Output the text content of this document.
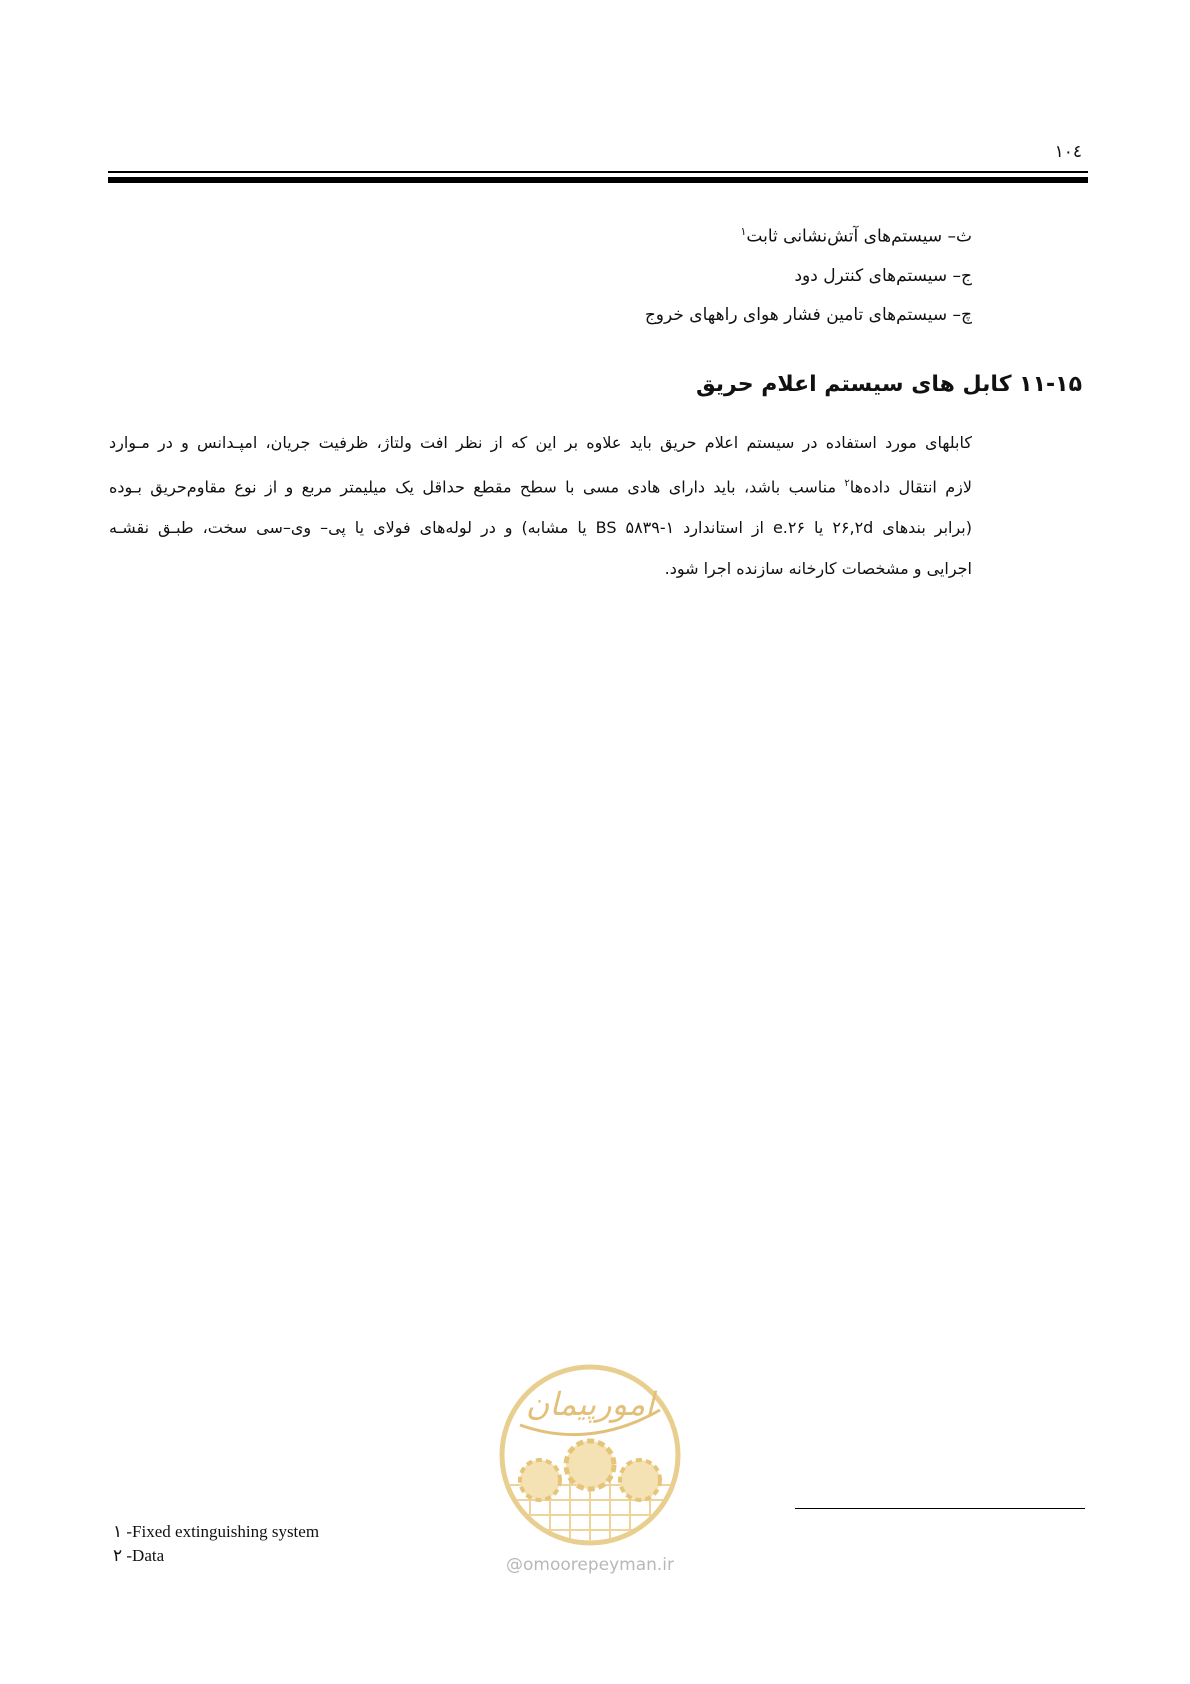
۱۰٤
ث– سیستم‌های آتش‌نشانی ثابت$^۱$
ج– سیستم‌های کنترل دود
چ– سیستم‌های تامین فشار هوای راههای خروج
۱۱-۱۵ کابل های سیستم اعلام حریق
کابلهای مورد استفاده در سیستم اعلام حریق باید علاوه بر این که از نظر افت ولتاژ، ظرفیت جریان، امپـدانس و در مـوارد
لازم انتقال داده‌ها$^۲$ مناسب باشد، باید دارای هادی مسی با سطح مقطع حداقل یک میلیمتر مربع و از نوع مقاوم‌حریق بـوده
(برابر بندهای ۲۶,۲d یا ۲۶.e از استاندارد ۱-۵۸۳۹ BS یا مشابه) و در لوله‌های فولای یا پی– وی–سی سخت، طبـق نقشـه
اجرایی و مشخصات کارخانه سازنده اجرا شود.
امورپیمان
@omoorepeyman.ir
۱ -Fixed extinguishing system
۲ -Data
